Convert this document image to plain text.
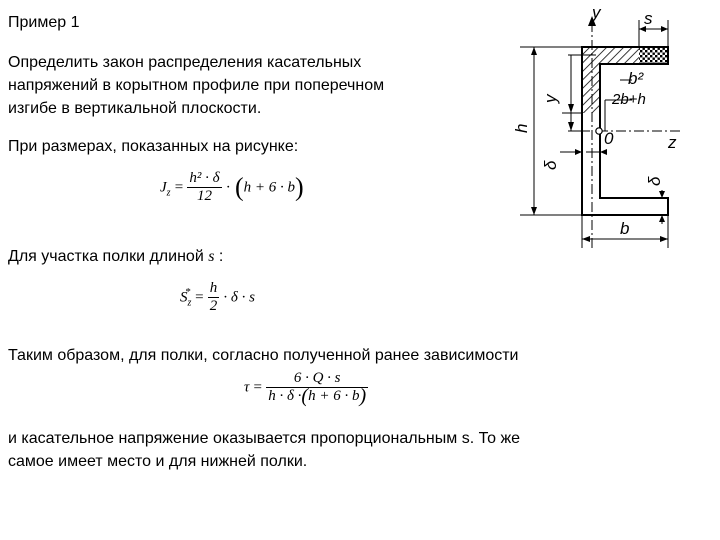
Пример 1
Определить закон распределения касательных
напряжений в корытном профиле при поперечном
изгибе в вертикальной плоскости.
При размерах, показанных на рисунке:
$J_z = \frac{\text{h² · δ}}{12} \cdot (h + 6 \cdot b)$
Для участка полки длиной s :
$S_z^* = \frac{h}{2} \cdot \delta \cdot s$
Таким образом, для полки, согласно полученной ранее зависимости
$\tau = \frac{6 \cdot Q \cdot s}{h \cdot \delta \cdot(h + 6 \cdot b)}$
и касательное напряжение оказывается пропорциональным s. То же
самое имеет место и для нижней полки.
y	s
b²
2b+h
y
h
0	z
δ
δ
b
